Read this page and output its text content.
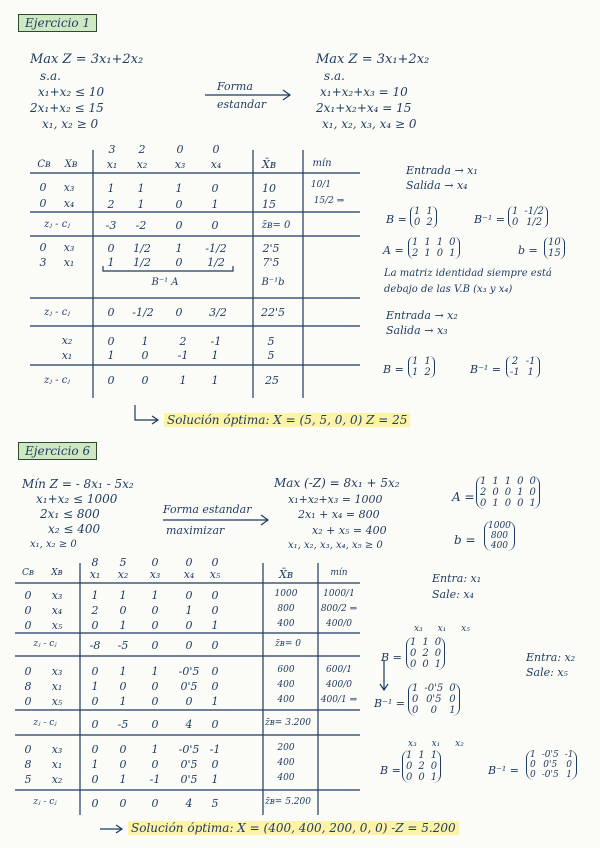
Ejercicio 1
Max Z = 3x₁+2x₂
s.a.
x₁+x₂ ≤ 10
2x₁+x₂ ≤ 15
x₁, x₂ ≥ 0
Forma
estandar
Max Z = 3x₁+2x₂
s.a.
x₁+x₂+x₃ = 10
2x₁+x₂+x₄ = 15
x₁, x₂, x₃, x₄ ≥ 0
3	2	0	0
Cʙ	Xʙ	x₁	x₂	x₃	x₄	X̄ʙ	mín
0	x₃	1	1	1	0	10	10/1
0	x₄	2	1	0	1	15	15/2 ⇒
zⱼ - cⱼ	-3	-2	0	0	z̄ʙ= 0
0	x₃	0	1/2	1	-1/2	2'5
3	x₁	1	1/2	0	1/2	7'5
B⁻¹ A	B⁻¹b
zⱼ - cⱼ	0	-1/2	0	3/2	22'5
x₂	0	1	2	-1	5
x₁	1	0	-1	1	5
zⱼ - cⱼ	0	0	1	1	25
Entrada → x₁
Salida → x₄
B =
1	1
0	2	B⁻¹ =
1	-1/2
0	1/2
A =
1	1	1	0
2	1	0	1	b =
10
15
La matriz identidad siempre está
debajo de las V.B (x₃ y x₄)
Entrada → x₂
Salida → x₃
B =
1	1
1	2	B⁻¹ =
2	-1
-1	1
Solución óptima: X = (5, 5, 0, 0) Z = 25
Ejercicio 6
Mín Z = - 8x₁ - 5x₂
x₁+x₂ ≤ 1000
2x₁ ≤ 800
x₂ ≤ 400
x₁, x₂ ≥ 0
Forma estandar
maximizar
Max (-Z) = 8x₁ + 5x₂
x₁+x₂+x₃ = 1000
2x₁ + x₄ = 800
x₂ + x₅ = 400
x₁, x₂, x₃, x₄, x₅ ≥ 0
A =
1	1	1	0	0
2	0	0	1	0
0	1	0	0	1
b =
1000
800
400
8	5	0	0	0
Cʙ	Xʙ	x₁	x₂	x₃	x₄	x₅	X̄ʙ	mín
0	x₃	1	1	1	0	0	1000	1000/1
0	x₄	2	0	0	1	0	800	800/2 ⇒
0	x₅	0	1	0	0	1	400	400/0
zⱼ - cⱼ	-8	-5	0	0	0	z̄ʙ= 0
0	x₃	0	1	1	-0'5	0	600	600/1
8	x₁	1	0	0	0'5	0	400	400/0
0	x₅	0	1	0	0	1	400	400/1 ⇒
zⱼ - cⱼ	0	-5	0	4	0	z̄ʙ= 3.200
0	x₃	0	0	1	-0'5 -1	200
8	x₁	1	0	0	0'5	0	400
5	x₂	0	1	-1	0'5	1	400
zⱼ - cⱼ	0	0	0	4	5	z̄ʙ= 5.200
Entra: x₁
Sale: x₄
Entra: x₂
Sale: x₅
x₃ x₁ x₅
B =
1	1	0
0	2	0
0	0	1
B⁻¹ =
1	-0'5	0
0	0'5	0
0	0	1
x₃ x₁ x₂
B =
1	1	1
0	2	0
0	0	1
B⁻¹ =
1	-0'5	-1
0	0'5	0
0	-0'5	1
Solución óptima: X = (400, 400, 200, 0, 0) -Z = 5.200
